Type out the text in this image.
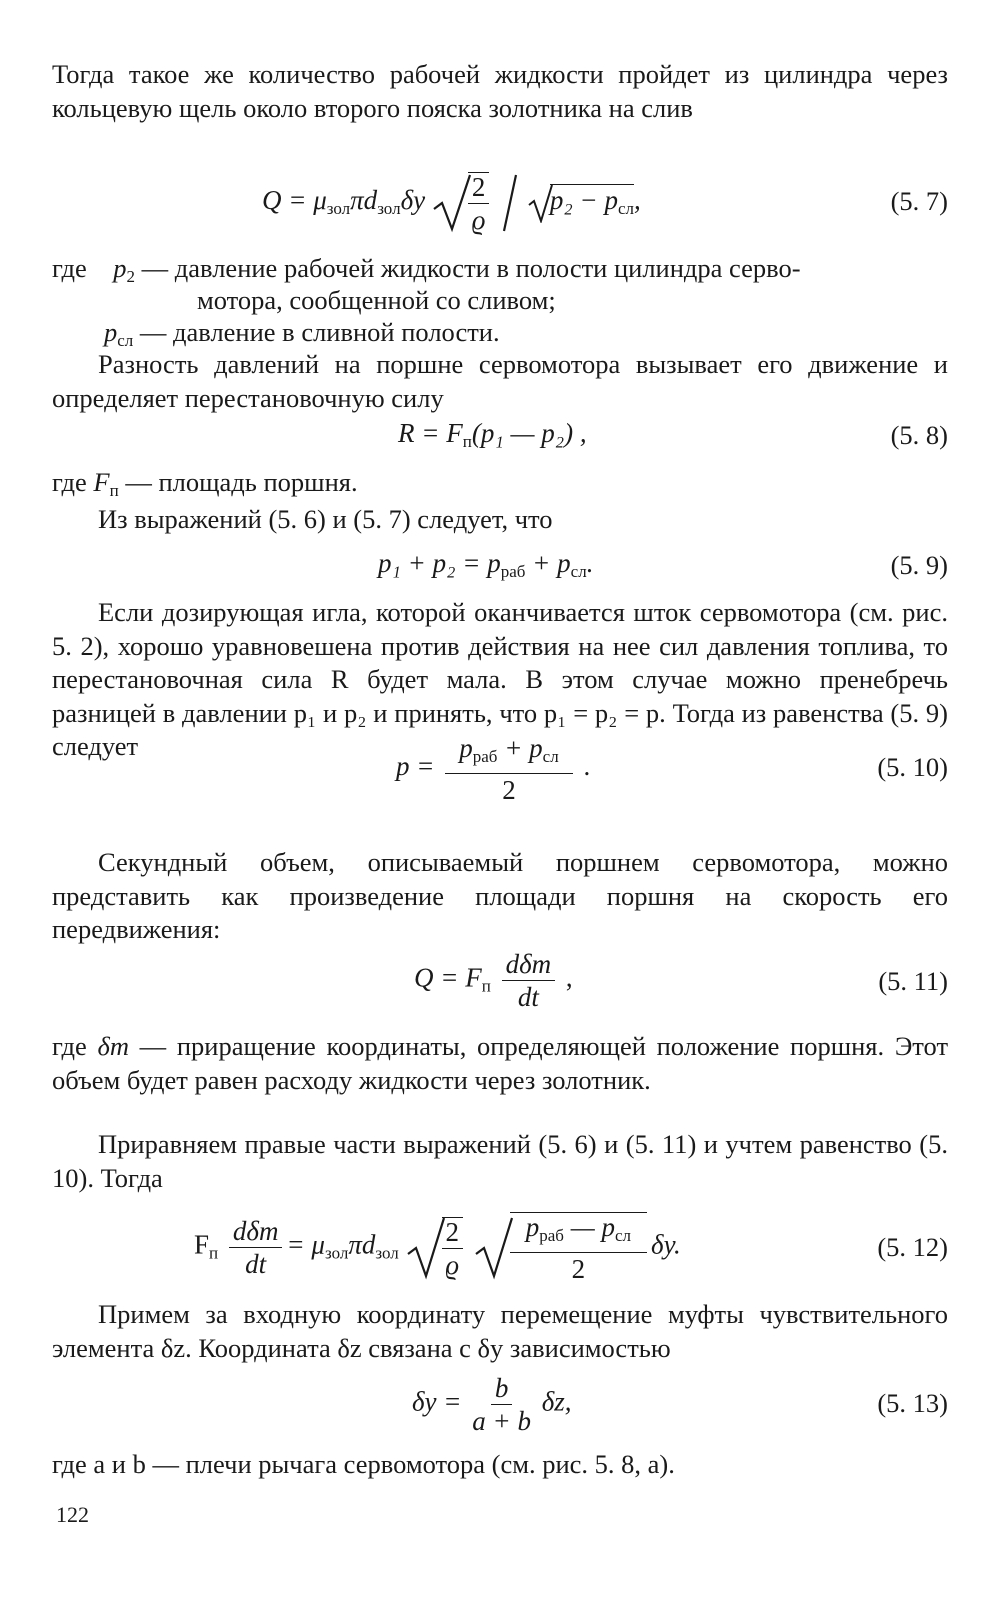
Тогда такое же количество рабочей жидкости пройдет из цилиндра через кольцевую щель около второго пояска золотника на слив

$Q = \mu_{зол}\pi d_{зол}\delta y \frac{2}{ϱ} p_2 - p_{сл}$,	(5. 7)
где $p_2$ — давление рабочей жидкости в полости цилиндра серво-
мотора, сообщенной со сливом;
$p_{сл}$ — давление в сливной полости.

Разность давлений на поршне сервомотора вызывает его движение и определяет перестановочную силу

$R = F_п(p_1$ — p₂) ,	(5. 8)
где $F_п$ — площадь поршня.
Из выражений (5. 6) и (5. 7) следует, что
$p_1 + p_2 = p_{раб} + p_{сл}$.	(5. 9)

Если дозирующая игла, которой оканчивается шток сервомотора (см. рис. 5. 2), хорошо уравновешена против действия на нее сил давления топлива, то перестановочная сила R будет мала. В этом случае можно пренебречь разницей в давлении p₁ и p₂ и принять, что p₁ = p₂ = p. Тогда из равенства (5. 9) следует

$p = \frac{p_{раб} + p_{сл}}{2}$ .	(5. 10)

Секундный объем, описываемый поршнем сервомотора, можно представить как произведение площади поршня на скорость его передвижения:

$Q = F_п \frac{\text{dδm}}{dt}$ ,	(5. 11)

где δm — приращение координаты, определяющей положение поршня. Этот объем будет равен расходу жидкости через золотник.

Приравняем правые части выражений (5. 6) и (5. 11) и учтем равенство (5. 10). Тогда

$F_п \frac{\text{dδm}}{dt} = \mu_{зол}\pi d_{зол} \frac{2}{ϱ}$
$\frac{p_{раб} — p_{сл}}{2} \delta y$.	(5. 12)

Примем за входную координату перемещение муфты чувствительного элемента δz. Координата δz связана с δy зависимостью

$\delta y = \frac{b}{a + b} \delta z$,	(5. 13)
где a и b — плечи рычага сервомотора (см. рис. 5. 8, a).
122
